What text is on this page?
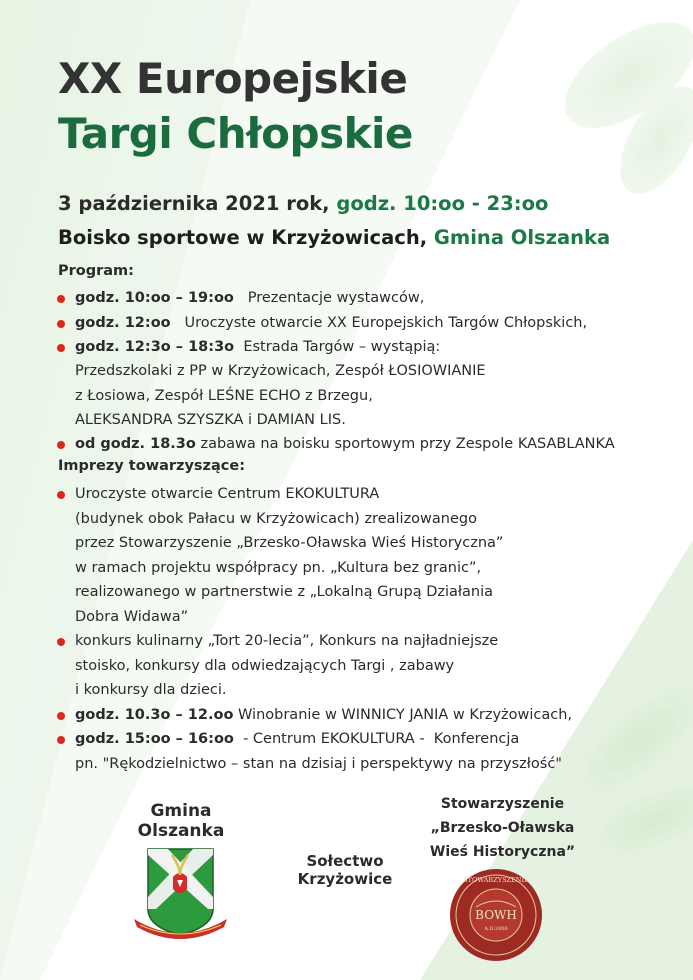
XX Europejskie
Targi Chłopskie
3 października 2021 rok, godz. 10:oo - 23:oo
Boisko sportowe w Krzyżowicach, Gmina Olszanka
Program:
godz. 10:oo – 19:oo   Prezentacje wystawców,
godz. 12:oo   Uroczyste otwarcie XX Europejskich Targów Chłopskich,
godz. 12:3o – 18:3o  Estrada Targów – wystąpią:
Przedszkolaki z PP w Krzyżowicach, Zespół ŁOSIOWIANIE
z Łosiowa, Zespół LEŚNE ECHO z Brzegu,
ALEKSANDRA SZYSZKA i DAMIAN LIS.
od godz. 18.3o zabawa na boisku sportowym przy Zespole KASABLANKA
Imprezy towarzyszące:
Uroczyste otwarcie Centrum EKOKULTURA
(budynek obok Pałacu w Krzyżowicach) zrealizowanego
przez Stowarzyszenie „Brzesko-Oławska Wieś Historyczna”
w ramach projektu współpracy pn. „Kultura bez granic”,
realizowanego w partnerstwie z „Lokalną Grupą Działania
Dobra Widawa”
konkurs kulinarny „Tort 20-lecia”, Konkurs na najładniejsze
stoisko, konkursy dla odwiedzających Targi , zabawy
i konkursy dla dzieci.
godz. 10.3o – 12.oo Winobranie w WINNICY JANIA w Krzyżowicach,
godz. 15:oo – 16:oo  - Centrum EKOKULTURA -  Konferencja
pn. "Rękodzielnictwo – stan na dzisiaj i perspektywy na przyszłość"
Gmina
Olszanka
Sołectwo
Krzyżowice
Stowarzyszenie
„Brzesko-Oławska
Wieś Historyczna”
BOWH
A.D.2006
STOWARZYSZENIE
